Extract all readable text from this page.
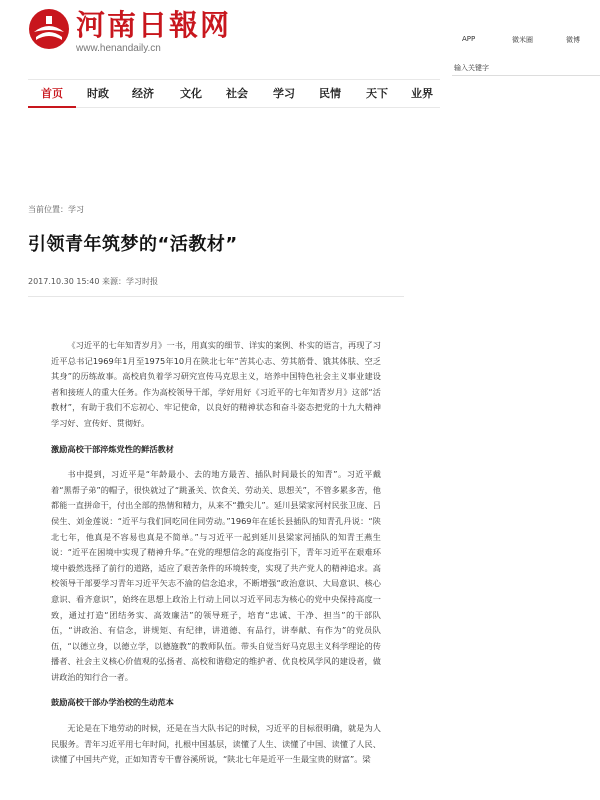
河南日報网
www.henandaily.cn
APP	微米圈	微博
输入关键字
首页	时政	经济	文化	社会	学习	民情	天下	业界
当前位置：学习
引领青年筑梦的“活教材”
2017.10.30 15:40 来源：学习时报

《习近平的七年知青岁月》一书，用真实的细节、详实的案例、朴实的语言，再现了习近平总书记1969年1月至1975年10月在陕北七年“苦其心志、劳其筋骨、饿其体肤、空乏其身”的历练故事。高校肩负着学习研究宣传马克思主义，培养中国特色社会主义事业建设者和接班人的重大任务。作为高校领导干部，学好用好《习近平的七年知青岁月》这部“活教材”，有助于我们不忘初心、牢记使命，以良好的精神状态和奋斗姿态把党的十九大精神学习好、宣传好、贯彻好。

激励高校干部淬炼党性的鲜活教材

书中提到，习近平是“年龄最小、去的地方最苦、插队时间最长的知青”。习近平戴着“黑帮子弟”的帽子，很快就过了“跳蚤关、饮食关、劳动关、思想关”，不管多累多苦，他都能一直拼命干，付出全部的热情和精力，从来不“撒尖儿”。延川县梁家河村民张卫庞、吕侯生、刘金莲说：“近平与我们同吃同住同劳动。”1969年在延长县插队的知青孔丹说：“陕北七年，他真是不容易也真是不简单。”与习近平一起到延川县梁家河插队的知青王燕生说：“近平在困境中实现了精神升华。”在党的理想信念的高度指引下，青年习近平在艰难环境中毅然选择了前行的道路，适应了艰苦条件的环境转变，实现了共产党人的精神追求。高校领导干部要学习青年习近平矢志不渝的信念追求，不断增强“政治意识、大局意识、核心意识、看齐意识”，始终在思想上政治上行动上同以习近平同志为核心的党中央保持高度一致，通过打造“团结务实、高效廉洁”的领导班子，培育“忠诚、干净、担当”的干部队伍，“讲政治、有信念，讲规矩、有纪律，讲道德、有品行，讲奉献、有作为”的党员队伍，“以德立身，以德立学，以德施教”的教师队伍。带头自觉当好马克思主义科学理论的传播者、社会主义核心价值观的弘扬者、高校和谐稳定的维护者、优良校风学风的建设者，做讲政治的知行合一者。

鼓励高校干部办学治校的生动范本

无论是在下地劳动的时候，还是在当大队书记的时候，习近平的目标很明确，就是为人民服务。青年习近平用七年时间，扎根中国基层，读懂了人生、读懂了中国、读懂了人民、读懂了中国共产党，正如知青专干曹谷溪所说，“陕北七年是近平一生最宝贵的财富”。梁
